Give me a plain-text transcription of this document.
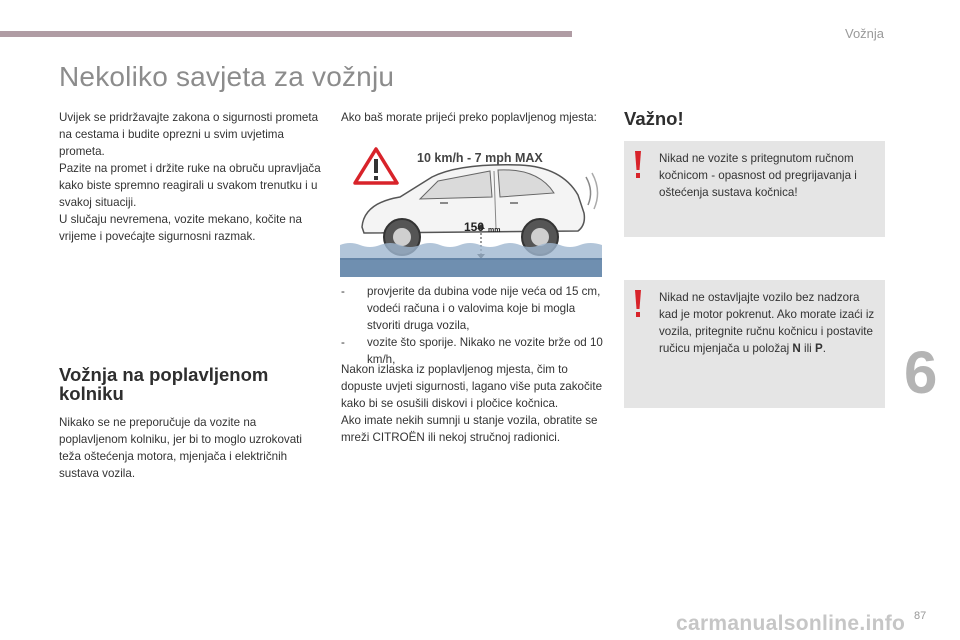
Vožnja
Nekoliko savjeta za vožnju

Uvijek se pridržavajte zakona o sigurnosti prometa na cestama i budite oprezni u svim uvjetima prometa.

Pazite na promet i držite ruke na obruču upravljača kako biste spremno reagirali u svakom trenutku i u svakoj situaciji.

U slučaju nevremena, vozite mekano, kočite na vrijeme i povećajte sigurnosni razmak.

Vožnja na poplavljenom kolniku

Nikako se ne preporučuje da vozite na poplavljenom kolniku, jer bi to moglo uzrokovati teža oštećenja motora, mjenjača i električnih sustava vozila.

Ako baš morate prijeći preko poplavljenog mjesta:

10 km/h - 7 mph MAX
150 mm
- provjerite da dubina vode nije veća od 15 cm, vodeći računa i o valovima koje bi mogla stvoriti druga vozila,
- vozite što sporije. Nikako ne vozite brže od 10 km/h,

Nakon izlaska iz poplavljenog mjesta, čim to dopuste uvjeti sigurnosti, lagano više puta zakočite kako bi se osušili diskovi i pločice kočnica.

Ako imate nekih sumnji u stanje vozila, obratite se mreži CITROËN ili nekoj stručnoj radionici.

Važno!
Nikad ne vozite s pritegnutom ručnom kočnicom - opasnost od pregrijavanja i oštećenja sustava kočnica!
Nikad ne ostavljajte vozilo bez nadzora kad je motor pokrenut. Ako morate izaći iz vozila, pritegnite ručnu kočnicu i postavite ručicu mjenjača u položaj N ili P.	6
carmanualsonline.info 87
